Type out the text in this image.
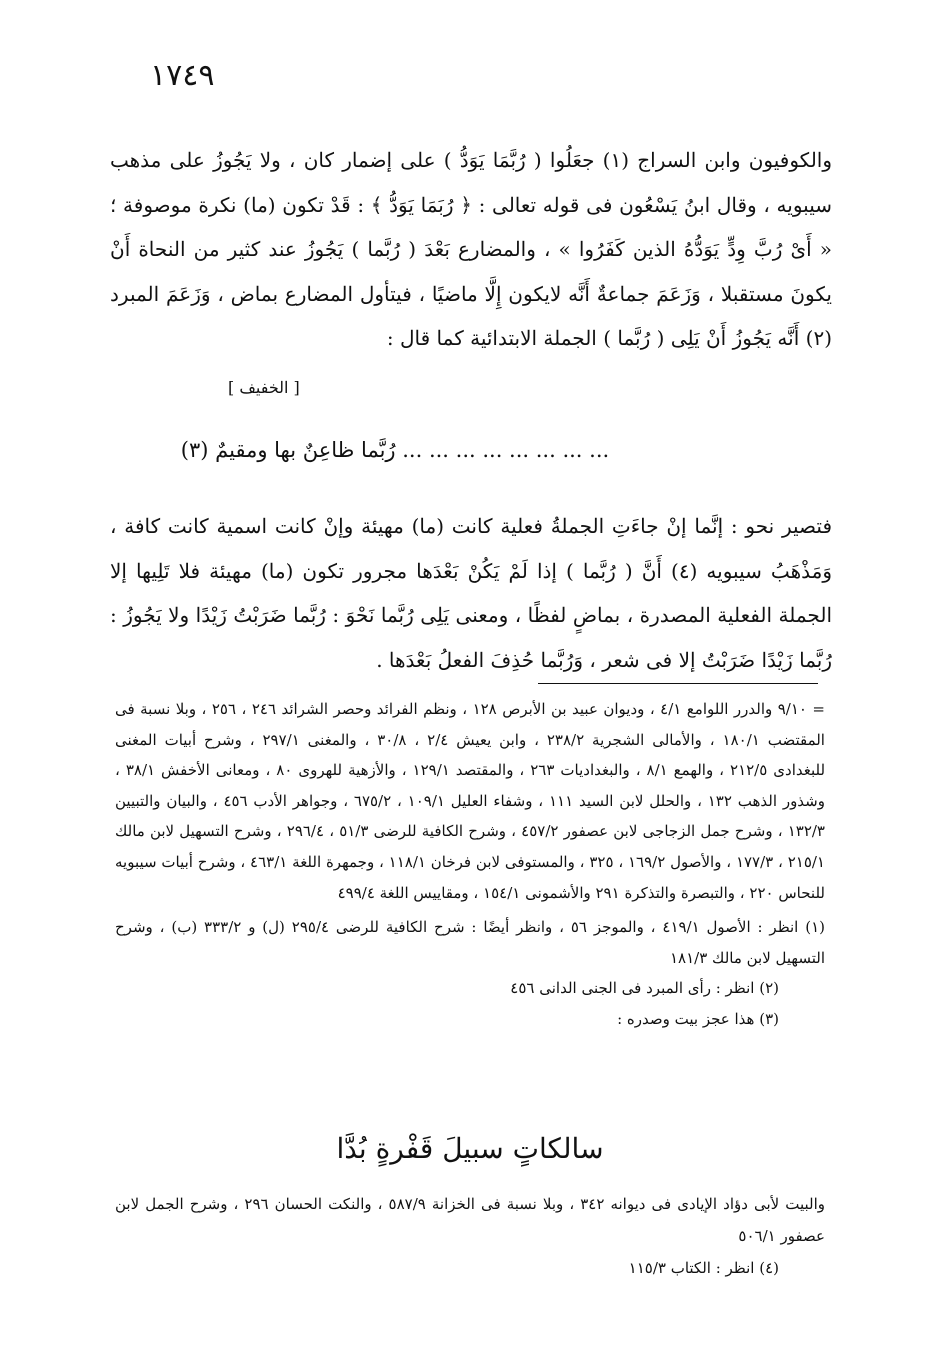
١٧٤٩

والكوفيون وابن السراج (١) جعَلُوا ( رُبَّمَا يَوَدُّ ) على إضمار كان ، ولا يَجُوزُ على مذهب سيبويه ، وقال ابنُ يَسْعُون فى قوله تعالى : ﴿ رُبَمَا يَوَدُّ ﴾ : قَدْ تكون (ما) نكرة موصوفة ؛ « أَىْ رُبَّ وِدٍّ يَوَدُّهُ الذين كَفَرُوا » ، والمضارع بَعْدَ ( رُبَّما ) يَجُوزُ عند كثير من النحاة أَنْ يكونَ مستقبلا ، وَزَعَمَ جماعةٌ أَنَّه لايكون إِلَّا ماضيًا ، فيتأول المضارع بماض ، وَزَعَمَ المبرد (٢) أَنَّه يَجُوزُ أَنْ يَلِى ( رُبَّما ) الجملة الابتدائية كما قال :

[ الخفيف ]
... ... ... ... ... ... ... ... رُبَّما ظاعِنٌ بها ومقيمٌ (٣)

فتصير نحو : إنَّما إنْ جاءَتِ الجملةُ فعلية كانت (ما) مهيئة وإنْ كانت اسمية كانت كافة ، وَمَذْهَبُ سيبويه (٤) أَنَّ ( رُبَّما ) إذا لَمْ يَكُنْ بَعْدَها مجرور تكون (ما) مهيئة فلا تَلِيها إلا الجملة الفعلية المصدرة ، بماضٍ لفظًا ، ومعنى يَلِى رُبَّما نَحْوَ : رُبَّما ضَرَبْتُ زَيْدًا ولا يَجُوزُ : رُبَّما زَيْدًا ضَرَبْتُ إلا فى شعر ، وَرُبَّما حُذِفَ الفعلُ بَعْدَها .

= ٩/١٠ والدرر اللوامع ٤/١ ، وديوان عبيد بن الأبرص ١٢٨ ، ونظم الفرائد وحصر الشرائد ٢٤٦ ، ٢٥٦ ، وبلا نسبة فى المقتضب ١٨٠/١ ، والأمالى الشجرية ٢٣٨/٢ ، وابن يعيش ٢/٤ ، ٣٠/٨ ، والمغنى ٢٩٧/١ ، وشرح أبيات المغنى للبغدادى ٢١٢/٥ ، والهمع ٨/١ ، والبغداديات ٢٦٣ ، والمقتصد ١٢٩/١ ، والأزهية للهروى ٨٠ ، ومعانى الأخفش ٣٨/١ ، وشذور الذهب ١٣٢ ، والحلل لابن السيد ١١١ ، وشفاء العليل ١٠٩/١ ، ٦٧٥/٢ ، وجواهر الأدب ٤٥٦ ، والبيان والتبيين ١٣٢/٣ ، وشرح جمل الزجاجى لابن عصفور ٤٥٧/٢ ، وشرح الكافية للرضى ٥١/٣ ، ٢٩٦/٤ ، وشرح التسهيل لابن مالك ٢١٥/١ ، ١٧٧/٣ ، والأصول ١٦٩/٢ ، ٣٢٥ ، والمستوفى لابن فرخان ١١٨/١ ، وجمهرة اللغة ٤٦٣/١ ، وشرح أبيات سيبويه للنحاس ٢٢٠ ، والتبصرة والتذكرة ٢٩١ والأشمونى ١٥٤/١ ، ومقاييس اللغة ٤٩٩/٤

(١) انظر : الأصول ٤١٩/١ ، والموجز ٥٦ ، وانظر أيضًا : شرح الكافية للرضى ٢٩٥/٤ (ل) و ٣٣٣/٢ (ب) ، وشرح التسهيل لابن مالك ١٨١/٣

(٢) انظر : رأى المبرد فى الجنى الدانى ٤٥٦

(٣) هذا عجز بيت وصدره :

سالكاتٍ سبيلَ قَفْرةٍ بُدَّا

والبيت لأبى دؤاد الإيادى فى ديوانه ٣٤٢ ، وبلا نسبة فى الخزانة ٥٨٧/٩ ، والنكت الحسان ٢٩٦ ، وشرح الجمل لابن عصفور ٥٠٦/١

(٤) انظر : الكتاب ١١٥/٣
